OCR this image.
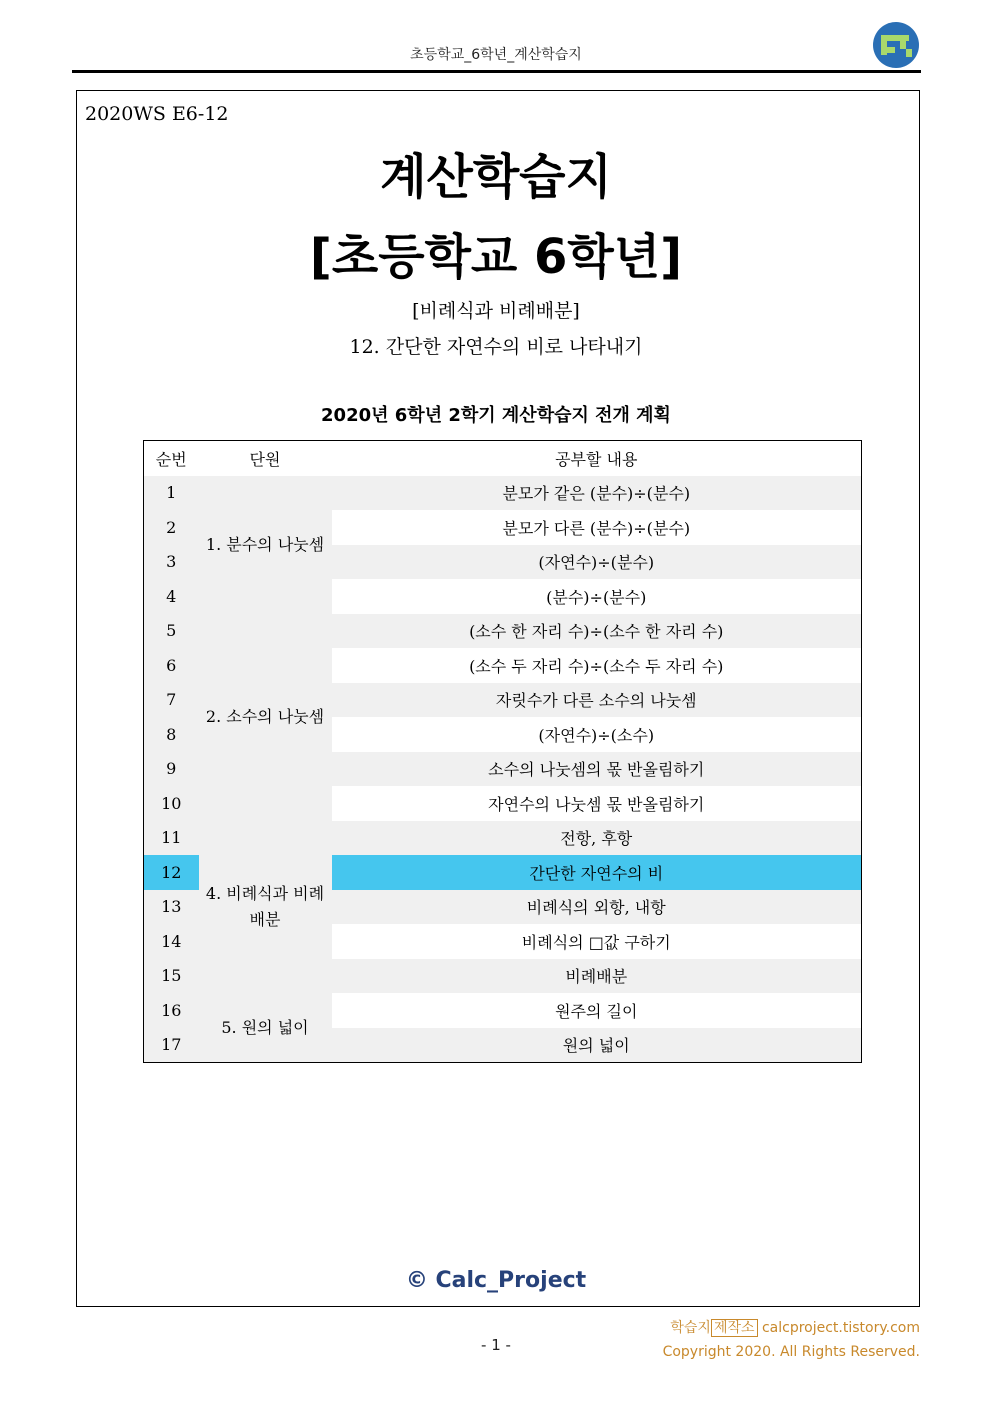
초등학교_6학년_계산학습지
2020WS E6-12
계산학습지
[초등학교 6학년]
[비례식과 비례배분]
12. 간단한 자연수의 비로 나타내기
2020년 6학년 2학기 계산학습지 전개 계획
순번	단원	공부할 내용
1	1. 분수의 나눗셈	분모가 같은 (분수)÷(분수)
2		분모가 다른 (분수)÷(분수)
3		(자연수)÷(분수)
4		(분수)÷(분수)
5	2. 소수의 나눗셈	(소수 한 자리 수)÷(소수 한 자리 수)
6		(소수 두 자리 수)÷(소수 두 자리 수)
7		자릿수가 다른 소수의 나눗셈
8		(자연수)÷(소수)
9		소수의 나눗셈의 몫 반올림하기
10		자연수의 나눗셈 몫 반올림하기
11	4. 비례식과 비례배분	전항, 후항
12		간단한 자연수의 비
13		비례식의 외항, 내항
14		비례식의 □값 구하기
15		비례배분
16	5. 원의 넓이	원주의 길이
17		원의 넓이
© Calc_Project
학습지 제작소 calcproject.tistory.com
Copyright 2020. All Rights Reserved.
- 1 -
